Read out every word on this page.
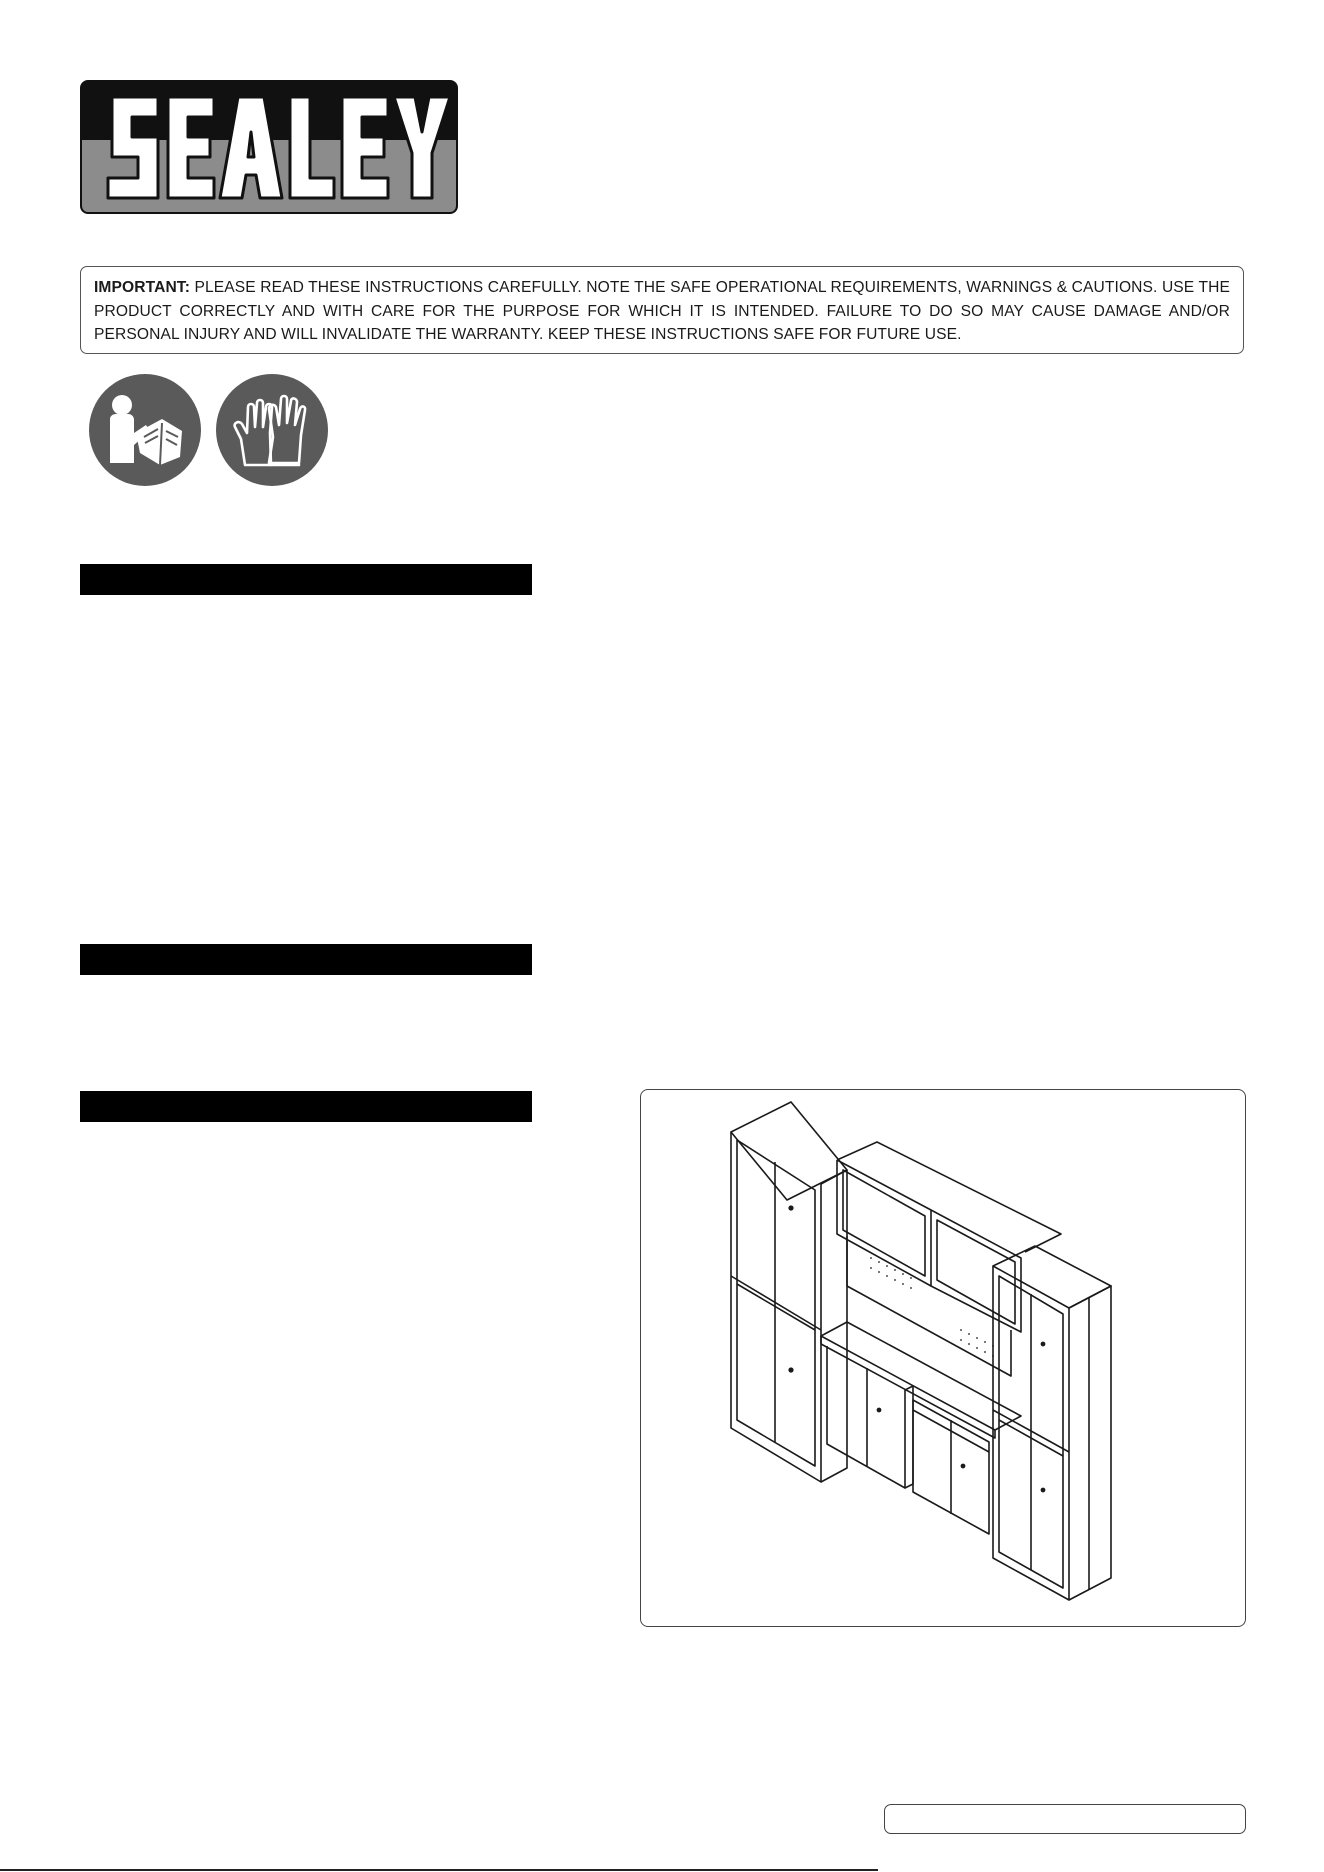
IMPORTANT: PLEASE READ THESE INSTRUCTIONS CAREFULLY. NOTE THE SAFE OPERATIONAL REQUIREMENTS, WARNINGS & CAUTIONS. USE THE PRODUCT CORRECTLY AND WITH CARE FOR THE PURPOSE FOR WHICH IT IS INTENDED. FAILURE TO DO SO MAY CAUSE DAMAGE AND/OR PERSONAL INJURY AND WILL INVALIDATE THE WARRANTY. KEEP THESE INSTRUCTIONS SAFE FOR FUTURE USE.
